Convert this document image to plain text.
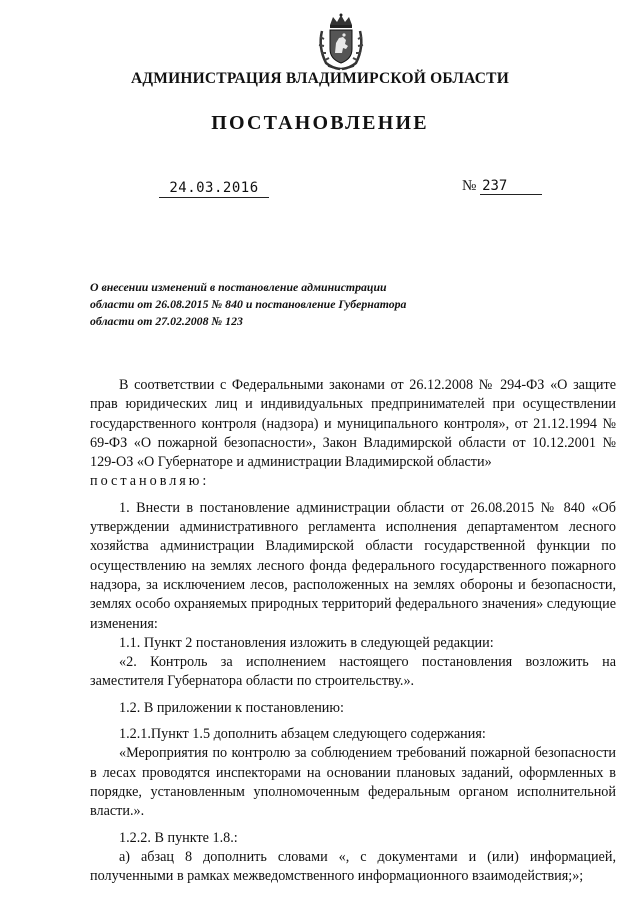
АДМИНИСТРАЦИЯ ВЛАДИМИРСКОЙ ОБЛАСТИ
ПОСТАНОВЛЕНИЕ
24.03.2016	№ 237
О внесении изменений в постановление администрации
области от 26.08.2015 № 840 и постановление Губернатора
области от 27.02.2008 № 123

В соответствии с Федеральными законами от 26.12.2008 № 294-ФЗ «О защите прав юридических лиц и индивидуальных предпринимателей при осуществлении государственного контроля (надзора) и муниципального контроля», от 21.12.1994 № 69-ФЗ «О пожарной безопасности», Закон Владимирской области от 10.12.2001 № 129-ОЗ «О Губернаторе и администрации Владимирской области»

постановляю:

1. Внести в постановление администрации области от 26.08.2015 № 840 «Об утверждении административного регламента исполнения департаментом лесного хозяйства администрации Владимирской области государственной функции по осуществлению на землях лесного фонда федерального государственного пожарного надзора, за исключением лесов, расположенных на землях обороны и безопасности, землях особо охраняемых природных территорий федерального значения» следующие изменения:

1.1. Пункт 2 постановления изложить в следующей редакции:

«2. Контроль за исполнением настоящего постановления возложить на заместителя Губернатора области по строительству.».

1.2. В приложении к постановлению:

1.2.1.Пункт 1.5 дополнить абзацем следующего содержания:

«Мероприятия по контролю за соблюдением требований пожарной безопасности в лесах проводятся инспекторами на основании плановых заданий, оформленных в порядке, установленным уполномоченным федеральным органом исполнительной власти.».

1.2.2. В пункте 1.8.:

а) абзац 8 дополнить словами «, с документами и (или) информацией, полученными в рамках межведомственного информационного взаимодействия;»;
